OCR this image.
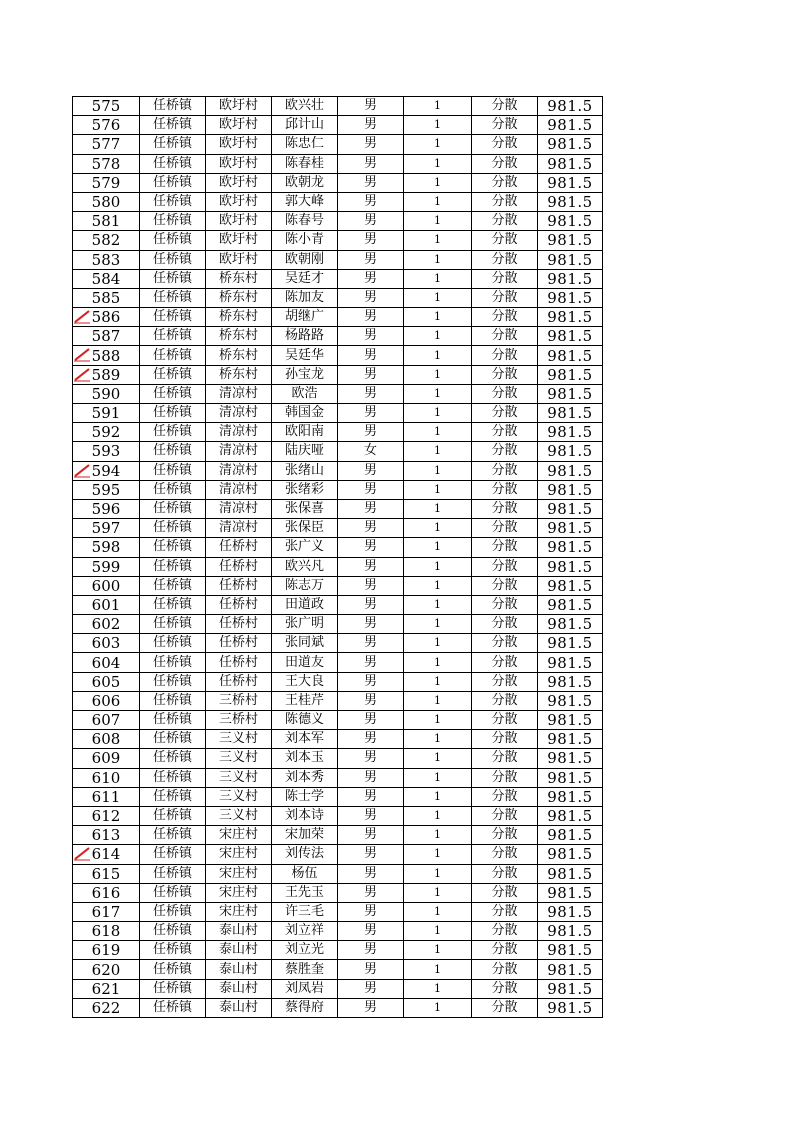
575	任桥镇	欧圩村	欧兴壮	男	1	分散	981.5
576	任桥镇	欧圩村	邱计山	男	1	分散	981.5
577	任桥镇	欧圩村	陈忠仁	男	1	分散	981.5
578	任桥镇	欧圩村	陈春桂	男	1	分散	981.5
579	任桥镇	欧圩村	欧朝龙	男	1	分散	981.5
580	任桥镇	欧圩村	郭大峰	男	1	分散	981.5
581	任桥镇	欧圩村	陈春号	男	1	分散	981.5
582	任桥镇	欧圩村	陈小青	男	1	分散	981.5
583	任桥镇	欧圩村	欧朝刚	男	1	分散	981.5
584	任桥镇	桥东村	吴廷才	男	1	分散	981.5
585	任桥镇	桥东村	陈加友	男	1	分散	981.5
586	任桥镇	桥东村	胡继广	男	1	分散	981.5
587	任桥镇	桥东村	杨路路	男	1	分散	981.5
588	任桥镇	桥东村	吴廷华	男	1	分散	981.5
589	任桥镇	桥东村	孙宝龙	男	1	分散	981.5
590	任桥镇	清凉村	欧浩	男	1	分散	981.5
591	任桥镇	清凉村	韩国金	男	1	分散	981.5
592	任桥镇	清凉村	欧阳南	男	1	分散	981.5
593	任桥镇	清凉村	陆庆哑	女	1	分散	981.5
594	任桥镇	清凉村	张绪山	男	1	分散	981.5
595	任桥镇	清凉村	张绪彩	男	1	分散	981.5
596	任桥镇	清凉村	张保喜	男	1	分散	981.5
597	任桥镇	清凉村	张保臣	男	1	分散	981.5
598	任桥镇	任桥村	张广义	男	1	分散	981.5
599	任桥镇	任桥村	欧兴凡	男	1	分散	981.5
600	任桥镇	任桥村	陈志万	男	1	分散	981.5
601	任桥镇	任桥村	田道政	男	1	分散	981.5
602	任桥镇	任桥村	张广明	男	1	分散	981.5
603	任桥镇	任桥村	张同斌	男	1	分散	981.5
604	任桥镇	任桥村	田道友	男	1	分散	981.5
605	任桥镇	任桥村	王大良	男	1	分散	981.5
606	任桥镇	三桥村	王桂芹	男	1	分散	981.5
607	任桥镇	三桥村	陈德义	男	1	分散	981.5
608	任桥镇	三义村	刘本军	男	1	分散	981.5
609	任桥镇	三义村	刘本玉	男	1	分散	981.5
610	任桥镇	三义村	刘本秀	男	1	分散	981.5
611	任桥镇	三义村	陈士学	男	1	分散	981.5
612	任桥镇	三义村	刘本诗	男	1	分散	981.5
613	任桥镇	宋庄村	宋加荣	男	1	分散	981.5
614	任桥镇	宋庄村	刘传法	男	1	分散	981.5
615	任桥镇	宋庄村	杨伍	男	1	分散	981.5
616	任桥镇	宋庄村	王先玉	男	1	分散	981.5
617	任桥镇	宋庄村	许三毛	男	1	分散	981.5
618	任桥镇	泰山村	刘立祥	男	1	分散	981.5
619	任桥镇	泰山村	刘立光	男	1	分散	981.5
620	任桥镇	泰山村	蔡胜奎	男	1	分散	981.5
621	任桥镇	泰山村	刘凤岩	男	1	分散	981.5
622	任桥镇	泰山村	蔡得府	男	1	分散	981.5
